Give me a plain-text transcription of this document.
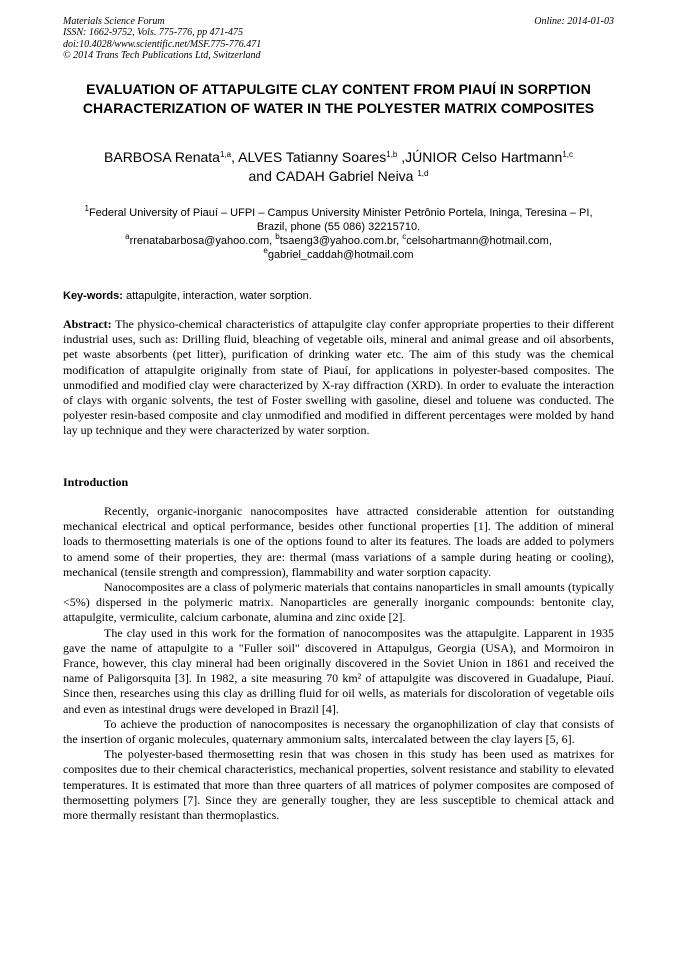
Materials Science Forum
ISSN: 1662-9752, Vols. 775-776, pp 471-475
doi:10.4028/www.scientific.net/MSF.775-776.471
© 2014 Trans Tech Publications Ltd, Switzerland
Online: 2014-01-03
EVALUATION OF ATTAPULGITE CLAY CONTENT FROM PIAUÍ IN SORPTION CHARACTERIZATION OF WATER IN THE POLYESTER MATRIX COMPOSITES
BARBOSA Renata$^{1,a}$, ALVES Tatianny Soares$^{1,b}$ ,JÚNIOR Celso Hartmann$^{1,c}$
and CADAH Gabriel Neiva $^{1,d}$
$^1$Federal University of Piauí – UFPI – Campus University Minister Petrônio Portela, Ininga, Teresina – PI, Brazil, phone (55 086) 32215710.
$^a$rrenatabarbosa@yahoo.com, $^b$tsaeng3@yahoo.com.br, $^c$celsohartmann@hotmail.com,
$^e$gabriel_caddah@hotmail.com
Key-words: attapulgite, interaction, water sorption.
Abstract: The physico-chemical characteristics of attapulgite clay confer appropriate properties to their different industrial uses, such as: Drilling fluid, bleaching of vegetable oils, mineral and animal grease and oil absorbents, pet waste absorbents (pet litter), purification of drinking water etc. The aim of this study was the chemical modification of attapulgite originally from state of Piauí, for applications in polyester-based composites. The unmodified and modified clay were characterized by X-ray diffraction (XRD). In order to evaluate the interaction of clays with organic solvents, the test of Foster swelling with gasoline, diesel and toluene was conducted. The polyester resin-based composite and clay unmodified and modified in different percentages were molded by hand lay up technique and they were characterized by water sorption.
Introduction

Recently, organic-inorganic nanocomposites have attracted considerable attention for outstanding mechanical electrical and optical performance, besides other functional properties [1]. The addition of mineral loads to thermosetting materials is one of the options found to alter its features. The loads are added to polymers to amend some of their properties, they are: thermal (mass variations of a sample during heating or cooling), mechanical (tensile strength and compression), flammability and water sorption capacity.

Nanocomposites are a class of polymeric materials that contains nanoparticles in small amounts (typically <5%) dispersed in the polymeric matrix. Nanoparticles are generally inorganic compounds: bentonite clay, attapulgite, vermiculite, calcium carbonate, alumina and zinc oxide [2].

The clay used in this work for the formation of nanocomposites was the attapulgite. Lapparent in 1935 gave the name of attapulgite to a "Fuller soil" discovered in Attapulgus, Georgia (USA), and Mormoiron in France, however, this clay mineral had been originally discovered in the Soviet Union in 1861 and received the name of Paligorsquita [3]. In 1982, a site measuring 70 km² of attapulgite was discovered in Guadalupe, Piauí. Since then, researches using this clay as drilling fluid for oil wells, as materials for discoloration of vegetable oils and even as intestinal drugs were developed in Brazil [4].

To achieve the production of nanocomposites is necessary the organophilization of clay that consists of the insertion of organic molecules, quaternary ammonium salts, intercalated between the clay layers [5, 6].

The polyester-based thermosetting resin that was chosen in this study has been used as matrixes for composites due to their chemical characteristics, mechanical properties, solvent resistance and stability to elevated temperatures. It is estimated that more than three quarters of all matrices of polymer composites are composed of thermosetting polymers [7]. Since they are generally tougher, they are less susceptible to chemical attack and more thermally resistant than thermoplastics.
